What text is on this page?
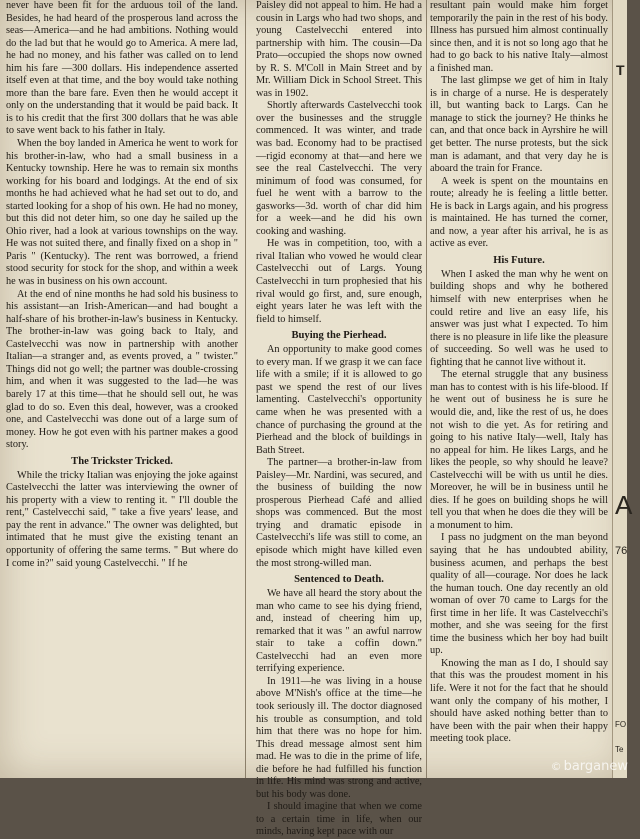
never have been fit for the arduous toil of the land. Besides, he had heard of the prosperous land across the seas—America—and he had ambitions. Nothing would do the lad but that he would go to America. A mere lad, he had no money, and his father was called on to lend him his fare —300 dollars. His independence asserted itself even at that time, and the boy would take nothing more than the bare fare. Even then he would accept it only on the understanding that it would be paid back. It is to his credit that the first 300 dollars that he was able to save went back to his father in Italy.

When the boy landed in America he went to work for his brother-in-law, who had a small business in a Kentucky township. Here he was to remain six months working for his board and lodgings. At the end of six months he had achieved what he had set out to do, and started looking for a shop of his own. He had no money, but this did not deter him, so one day he sailed up the Ohio river, had a look at various townships on the way. He was not suited there, and finally fixed on a shop in " Paris " (Kentucky). The rent was borrowed, a friend stood security for stock for the shop, and within a week he was in business on his own account.

At the end of nine months he had sold his business to his assistant—an Irish-American—and had bought a half-share of his brother-in-law's business in Kentucky. The brother-in-law was going back to Italy, and Castelvecchi was now in partnership with another Italian—a stranger and, as events proved, a " twister." Things did not go well; the partner was double-crossing him, and when it was suggested to the lad—he was barely 17 at this time—that he should sell out, he was glad to do so. Even this deal, however, was a crooked one, and Castelvecchi was done out of a large sum of money. How he got even with his partner makes a good story.

The Trickster Tricked.

While the tricky Italian was enjoying the joke against Castelvecchi the latter was interviewing the owner of his property with a view to renting it. " I'll double the rent," Castelvecchi said, " take a five years' lease, and pay the rent in advance." The owner was delighted, but intimated that he must give the existing tenant an opportunity of offering the same terms. " But where do I come in?" said young Castelvecchi. " If he

Paisley did not appeal to him. He had a cousin in Largs who had two shops, and young Castelvecchi entered into partnership with him. The cousin—Da Prato—occupied the shops now owned by R. S. M'Coll in Main Street and by Mr. William Dick in School Street. This was in 1902.

Shortly afterwards Castelvecchi took over the businesses and the struggle commenced. It was winter, and trade was bad. Economy had to be practised—rigid economy at that—and here we see the real Castelvecchi. The very minimum of food was consumed, for fuel he went with a barrow to the gasworks—3d. worth of char did him for a week—and he did his own cooking and washing.

He was in competition, too, with a rival Italian who vowed he would clear Castelvecchi out of Largs. Young Castelvecchi in turn prophesied that his rival would go first, and, sure enough, eight years later he was left with the field to himself.

Buying the Pierhead.

An opportunity to make good comes to every man. If we grasp it we can face life with a smile; if it is allowed to go past we spend the rest of our lives lamenting. Castelvecchi's opportunity came when he was presented with a chance of purchasing the ground at the Pierhead and the block of buildings in Bath Street.

The partner—a brother-in-law from Paisley—Mr. Nardini, was secured, and the business of building the now prosperous Pierhead Café and allied shops was commenced. But the most trying and dramatic episode in Castelvecchi's life was still to come, an episode which might have killed even the most strong-willed man.

Sentenced to Death.

We have all heard the story about the man who came to see his dying friend, and, instead of cheering him up, remarked that it was " an awful narrow stair to take a coffin down." Castelvecchi had an even more terrifying experience.

In 1911—he was living in a house above M'Nish's office at the time—he took seriously ill. The doctor diagnosed his trouble as consumption, and told him that there was no hope for him. This dread message almost sent him mad. He was to die in the prime of life, die before he had fulfilled his function in life. His mind was strong and active, but his body was done.

I should imagine that when we come to a certain time in life, when our minds, having kept pace with our

resultant pain would make him forget temporarily the pain in the rest of his body. Illness has pursued him almost continually since then, and it is not so long ago that he had to go back to his native Italy—almost a finished man.

The last glimpse we get of him in Italy is in charge of a nurse. He is desperately ill, but wanting back to Largs. Can he manage to stick the journey? He thinks he can, and that once back in Ayrshire he will get better. The nurse protests, but the sick man is adamant, and that very day he is aboard the train for France.

A week is spent on the mountains en route; already he is feeling a little better. He is back in Largs again, and his progress is maintained. He has turned the corner, and now, a year after his arrival, he is as active as ever.

His Future.

When I asked the man why he went on building shops and why he bothered himself with new enterprises when he could retire and live an easy life, his answer was just what I expected. To him there is no pleasure in life like the pleasure of succeeding. So well was he used to fighting that he cannot live without it.

The eternal struggle that any business man has to contest with is his life-blood. If he went out of business he is sure he would die, and, like the rest of us, he does not wish to die yet. As for retiring and going to his native Italy—well, Italy has no appeal for him. He likes Largs, and he likes the people, so why should he leave? Castelvecchi will be with us until he dies. Moreover, he will be in business until he dies. If he goes on building shops he will tell you that when he does die they will be a monument to him.

I pass no judgment on the man beyond saying that he has undoubted ability, business acumen, and perhaps the best quality of all—courage. Nor does he lack the human touch. One day recently an old woman of over 70 came to Largs for the first time in her life. It was Castelvecchi's mother, and she was seeing for the first time the business which her boy had built up.

Knowing the man as I do, I should say that this was the proudest moment in his life. Were it not for the fact that he should want only the company of his mother, I should have asked nothing better than to have been with the pair when their happy meeting took place.

T
A
76
FO
Te
© barganew
